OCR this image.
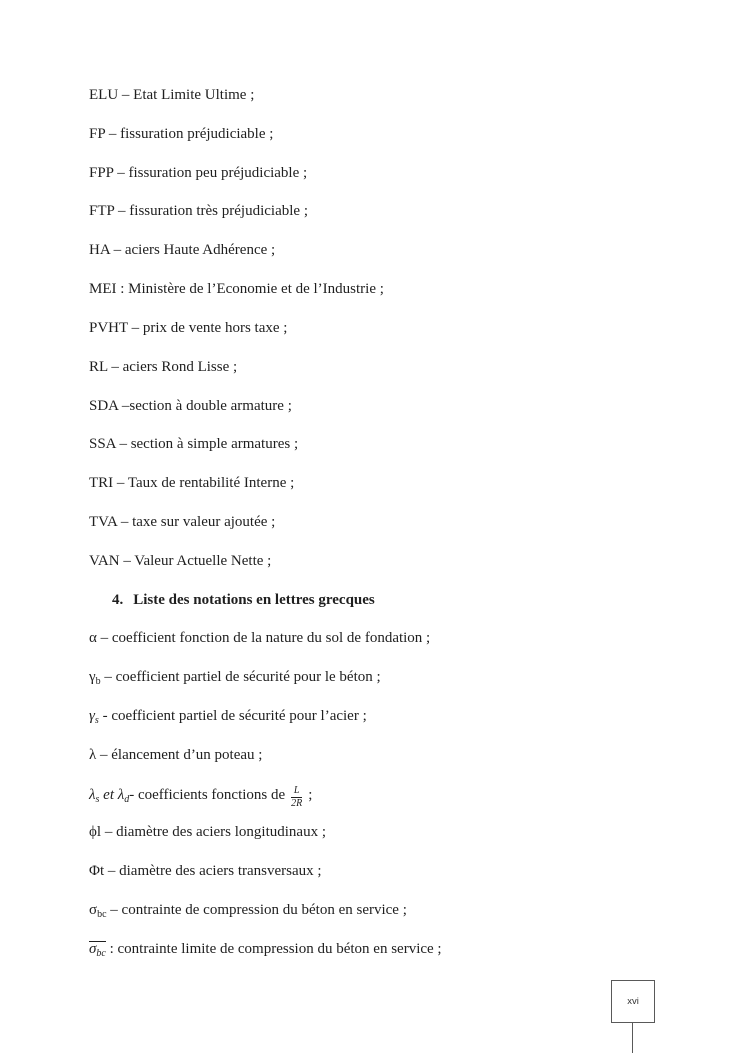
ELU – Etat Limite Ultime ;
FP – fissuration préjudiciable ;
FPP – fissuration peu préjudiciable ;
FTP – fissuration très préjudiciable ;
HA – aciers Haute Adhérence ;
MEI : Ministère de l’Economie et de l’Industrie ;
PVHT – prix de vente hors taxe ;
RL – aciers Rond Lisse ;
SDA –section à double armature ;
SSA – section à simple armatures ;
TRI – Taux de rentabilité Interne ;
TVA – taxe sur valeur ajoutée ;
VAN – Valeur Actuelle Nette ;
4. Liste des notations en lettres grecques
α – coefficient fonction de la nature du sol de fondation ;
$\gamma_b$ – coefficient partiel de sécurité pour le béton ;
$\gamma_s$ - coefficient partiel de sécurité pour l’acier ;
λ – élancement d’un poteau ;
$\lambda_s$ et $\lambda_d-$ coefficients fonctions de $\frac{L}{2R}$ ;
ϕl – diamètre des aciers longitudinaux ;
Φt – diamètre des aciers transversaux ;
$\sigma_{bc}$ – contrainte de compression du béton en service ;
$\sigma_{bc}$ : contrainte limite de compression du béton en service ;
xvi
